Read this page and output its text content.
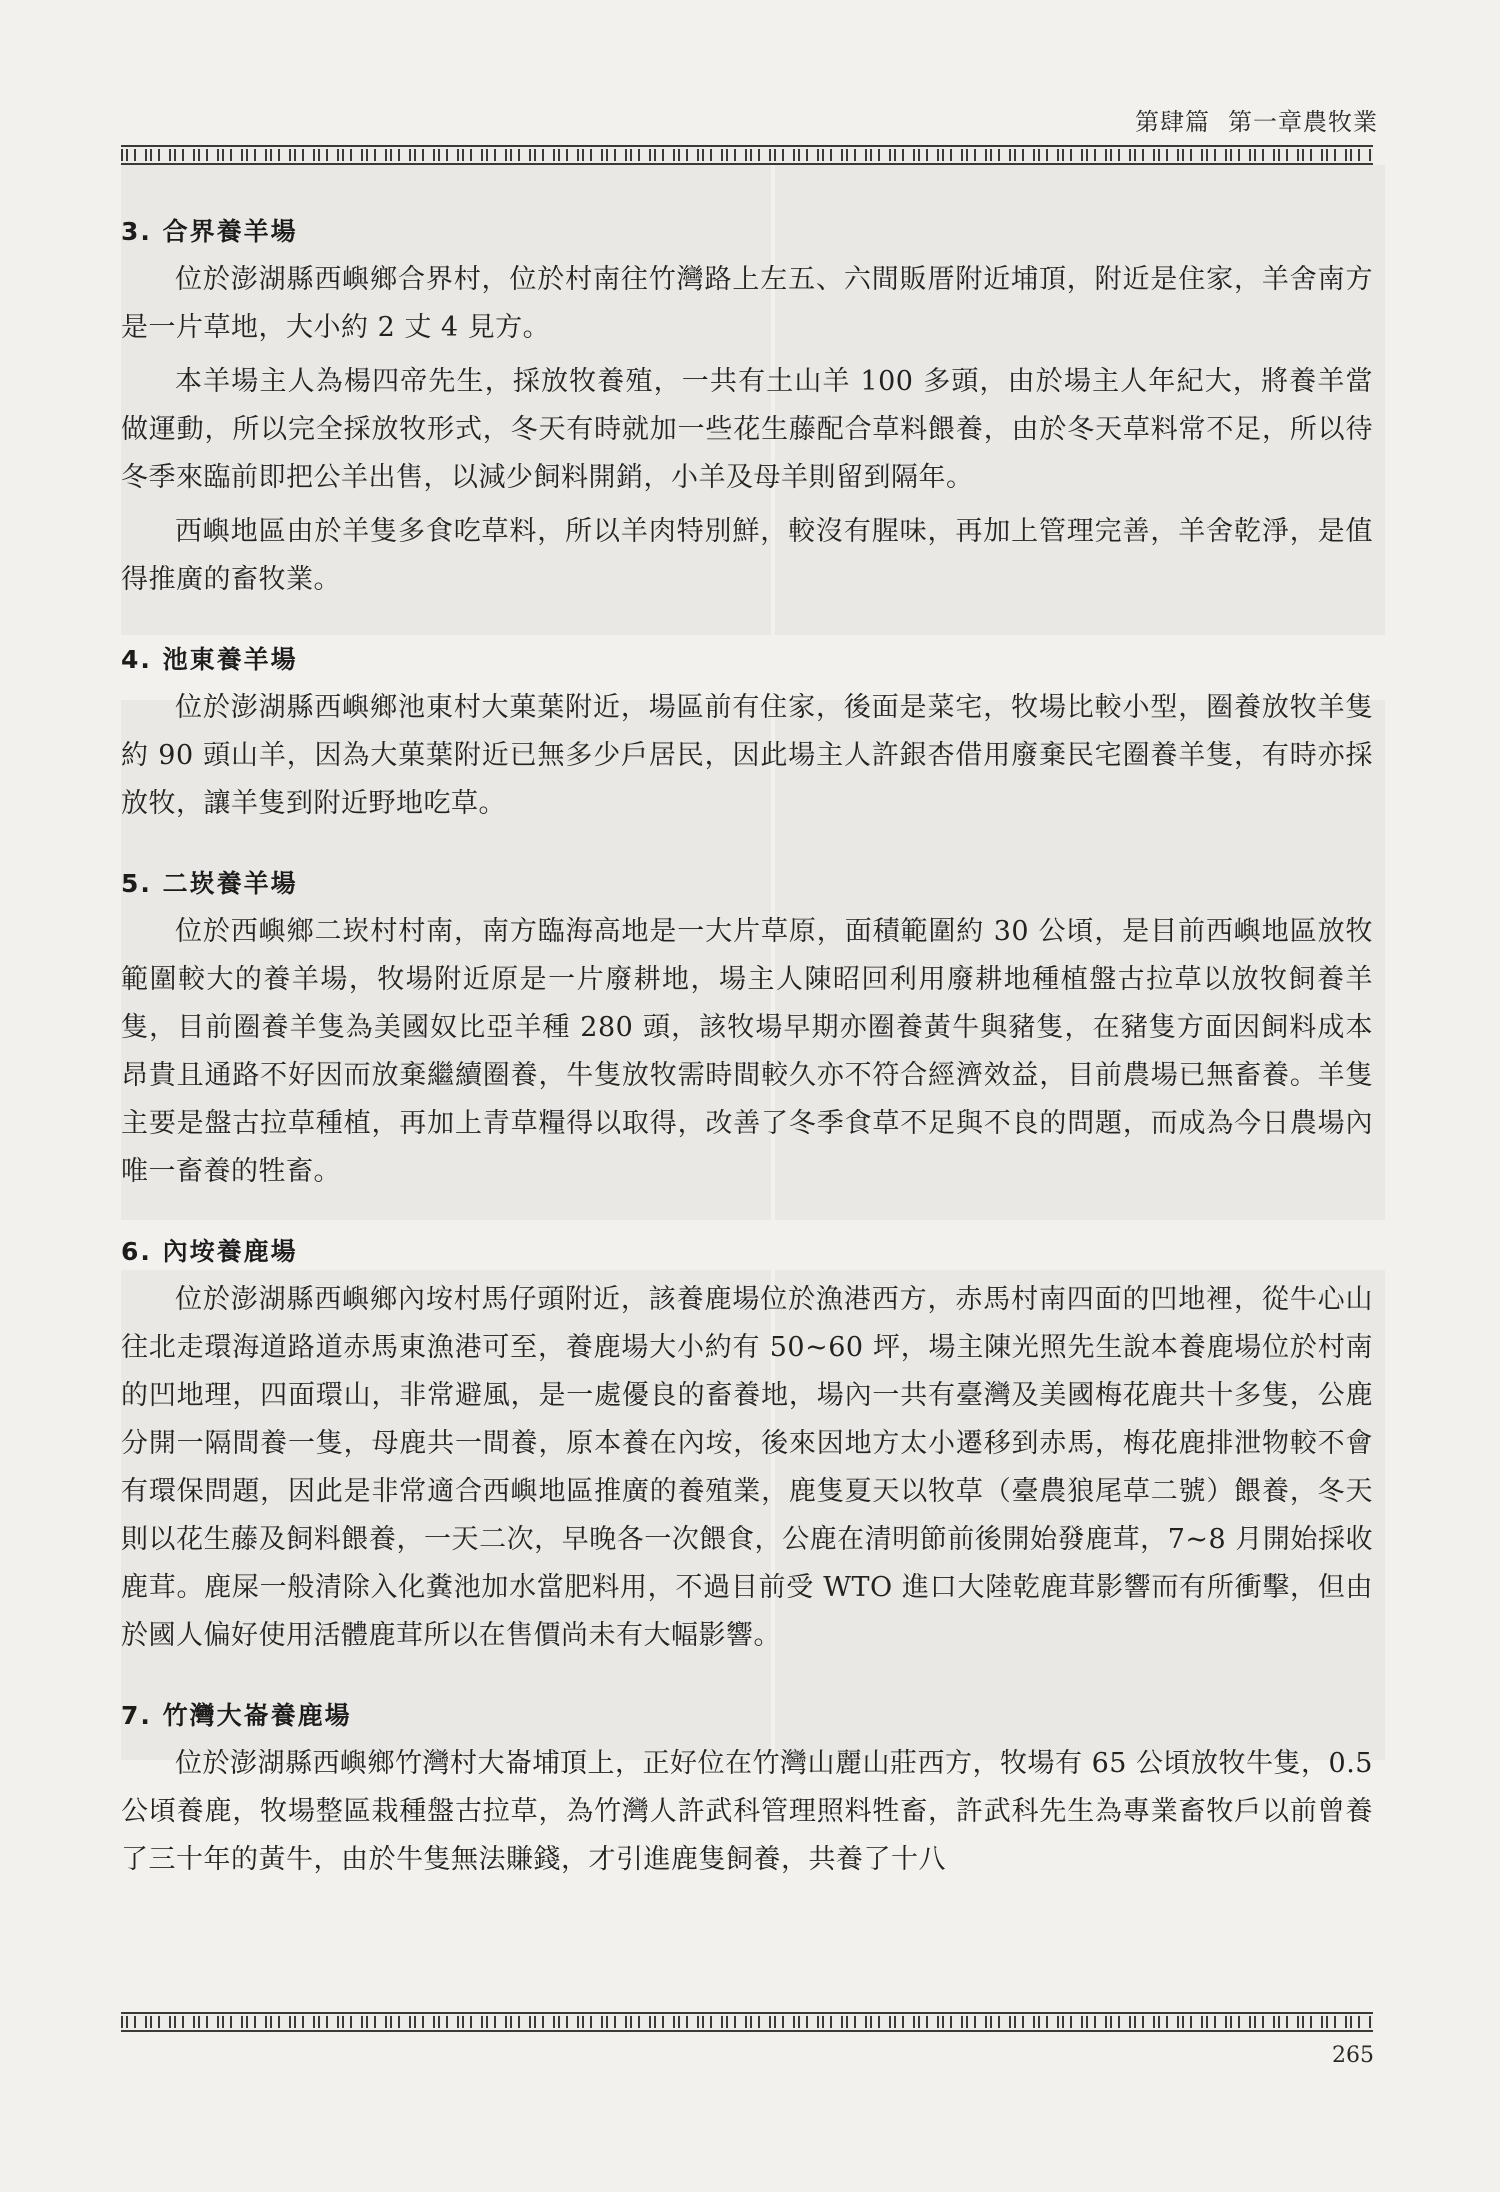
第肆篇 第一章農牧業
3. 合界養羊場

位於澎湖縣西嶼鄉合界村，位於村南往竹灣路上左五、六間販厝附近埔頂，附近是住家，羊舍南方是一片草地，大小約 2 丈 4 見方。

本羊場主人為楊四帝先生，採放牧養殖，一共有土山羊 100 多頭，由於場主人年紀大，將養羊當做運動，所以完全採放牧形式，冬天有時就加一些花生藤配合草料餵養，由於冬天草料常不足，所以待冬季來臨前即把公羊出售，以減少飼料開銷，小羊及母羊則留到隔年。

西嶼地區由於羊隻多食吃草料，所以羊肉特別鮮，較沒有腥味，再加上管理完善，羊舍乾淨，是值得推廣的畜牧業。

4. 池東養羊場

位於澎湖縣西嶼鄉池東村大菓葉附近，場區前有住家，後面是菜宅，牧場比較小型，圈養放牧羊隻約 90 頭山羊，因為大菓葉附近已無多少戶居民，因此場主人許銀杏借用廢棄民宅圈養羊隻，有時亦採放牧，讓羊隻到附近野地吃草。

5. 二崁養羊場

位於西嶼鄉二崁村村南，南方臨海高地是一大片草原，面積範圍約 30 公頃，是目前西嶼地區放牧範圍較大的養羊場，牧場附近原是一片廢耕地，場主人陳昭回利用廢耕地種植盤古拉草以放牧飼養羊隻，目前圈養羊隻為美國奴比亞羊種 280 頭，該牧場早期亦圈養黃牛與豬隻，在豬隻方面因飼料成本昂貴且通路不好因而放棄繼續圈養，牛隻放牧需時間較久亦不符合經濟效益，目前農場已無畜養。羊隻主要是盤古拉草種植，再加上青草糧得以取得，改善了冬季食草不足與不良的問題，而成為今日農場內唯一畜養的牲畜。

6. 內垵養鹿場

位於澎湖縣西嶼鄉內垵村馬仔頭附近，該養鹿場位於漁港西方，赤馬村南四面的凹地裡，從牛心山往北走環海道路道赤馬東漁港可至，養鹿場大小約有 50~60 坪，場主陳光照先生說本養鹿場位於村南的凹地理，四面環山，非常避風，是一處優良的畜養地，場內一共有臺灣及美國梅花鹿共十多隻，公鹿分開一隔間養一隻，母鹿共一間養，原本養在內垵，後來因地方太小遷移到赤馬，梅花鹿排泄物較不會有環保問題，因此是非常適合西嶼地區推廣的養殖業，鹿隻夏天以牧草（臺農狼尾草二號）餵養，冬天則以花生藤及飼料餵養，一天二次，早晚各一次餵食，公鹿在清明節前後開始發鹿茸，7~8 月開始採收鹿茸。鹿屎一般清除入化糞池加水當肥料用，不過目前受 WTO 進口大陸乾鹿茸影響而有所衝擊，但由於國人偏好使用活體鹿茸所以在售價尚未有大幅影響。

7. 竹灣大崙養鹿場

位於澎湖縣西嶼鄉竹灣村大崙埔頂上，正好位在竹灣山麗山莊西方，牧場有 65 公頃放牧牛隻，0.5 公頃養鹿，牧場整區栽種盤古拉草，為竹灣人許武科管理照料牲畜，許武科先生為專業畜牧戶以前曾養了三十年的黃牛，由於牛隻無法賺錢，才引進鹿隻飼養，共養了十八

265
